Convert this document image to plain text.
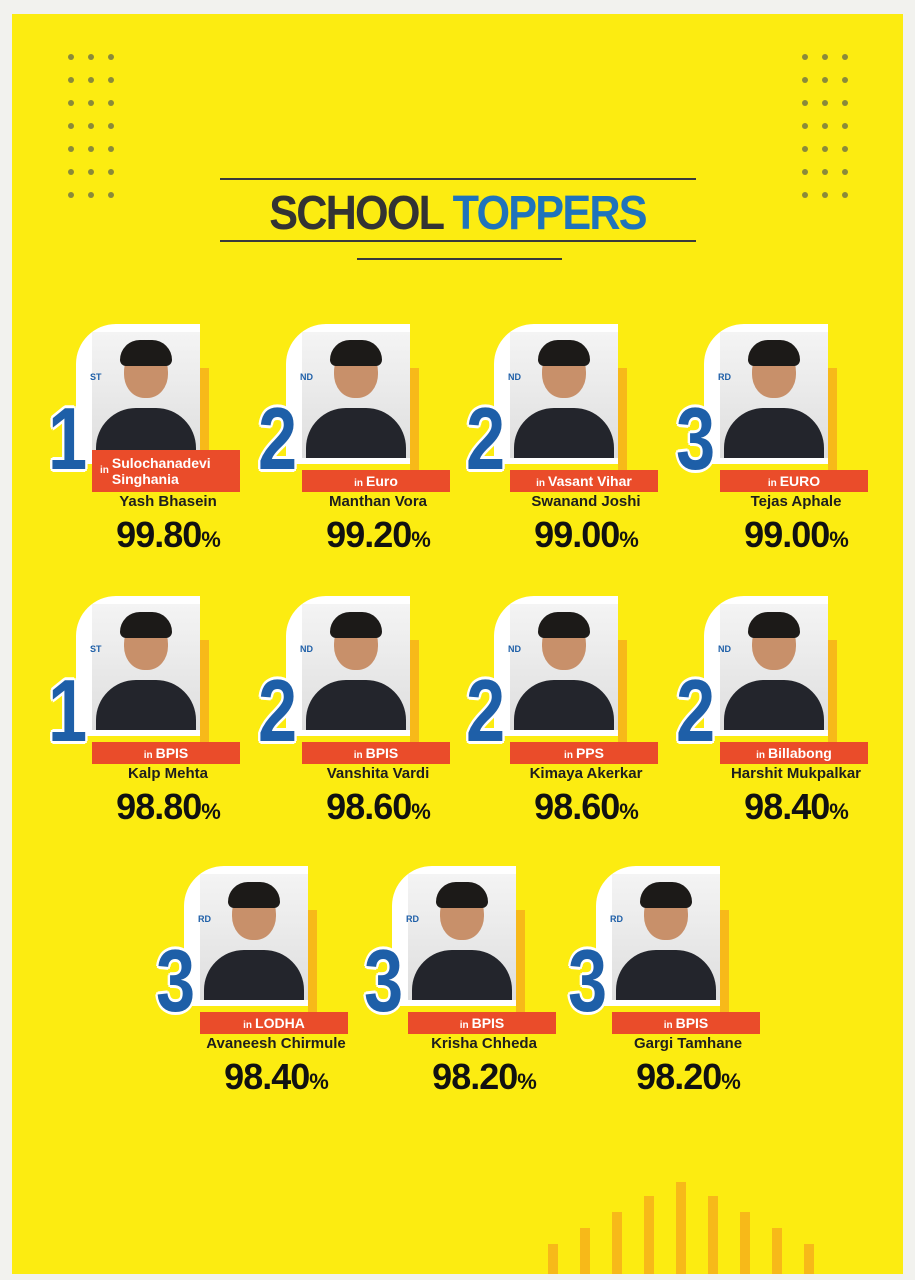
SCHOOL TOPPERS
1
ST
in Sulochanadevi Singhania
Yash Bhasein
99.80%
2
ND
in Euro
Manthan Vora
99.20%
2
ND
in Vasant Vihar
Swanand Joshi
99.00%
3
RD
in EURO
Tejas Aphale
99.00%
1
ST
in BPIS
Kalp Mehta
98.80%
2
ND
in BPIS
Vanshita Vardi
98.60%
2
ND
in PPS
Kimaya Akerkar
98.60%
2
ND
in Billabong
Harshit Mukpalkar
98.40%
3
RD
in LODHA
Avaneesh Chirmule
98.40%
3
RD
in BPIS
Krisha Chheda
98.20%
3
RD
in BPIS
Gargi Tamhane
98.20%
